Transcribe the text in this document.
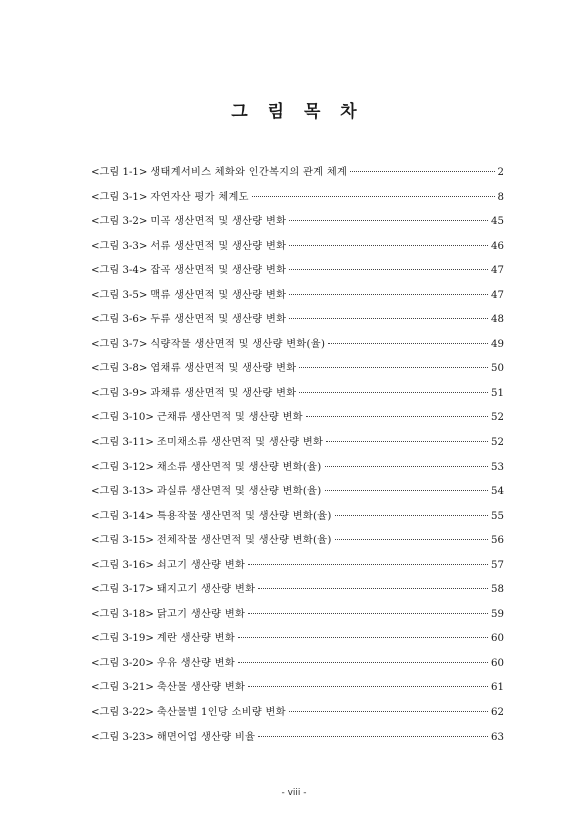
그 림 목 차
<그림 1-1> 생태계서비스 체화와 인간복지의 관계 체계	2
<그림 3-1> 자연자산 평가 체계도	8
<그림 3-2> 미곡 생산면적 및 생산량 변화	45
<그림 3-3> 서류 생산면적 및 생산량 변화	46
<그림 3-4> 잡곡 생산면적 및 생산량 변화	47
<그림 3-5> 맥류 생산면적 및 생산량 변화	47
<그림 3-6> 두류 생산면적 및 생산량 변화	48
<그림 3-7> 식량작물 생산면적 및 생산량 변화(율)	49
<그림 3-8> 엽채류 생산면적 및 생산량 변화	50
<그림 3-9> 과채류 생산면적 및 생산량 변화	51
<그림 3-10> 근채류 생산면적 및 생산량 변화	52
<그림 3-11> 조미채소류 생산면적 및 생산량 변화	52
<그림 3-12> 채소류 생산면적 및 생산량 변화(율)	53
<그림 3-13> 과실류 생산면적 및 생산량 변화(율)	54
<그림 3-14> 특용작물 생산면적 및 생산량 변화(율)	55
<그림 3-15> 전체작물 생산면적 및 생산량 변화(율)	56
<그림 3-16> 쇠고기 생산량 변화	57
<그림 3-17> 돼지고기 생산량 변화	58
<그림 3-18> 닭고기 생산량 변화	59
<그림 3-19> 계란 생산량 변화	60
<그림 3-20> 우유 생산량 변화	60
<그림 3-21> 축산물 생산량 변화	61
<그림 3-22> 축산물별 1인당 소비량 변화	62
<그림 3-23> 해면어업 생산량 비율	63
- viii -
